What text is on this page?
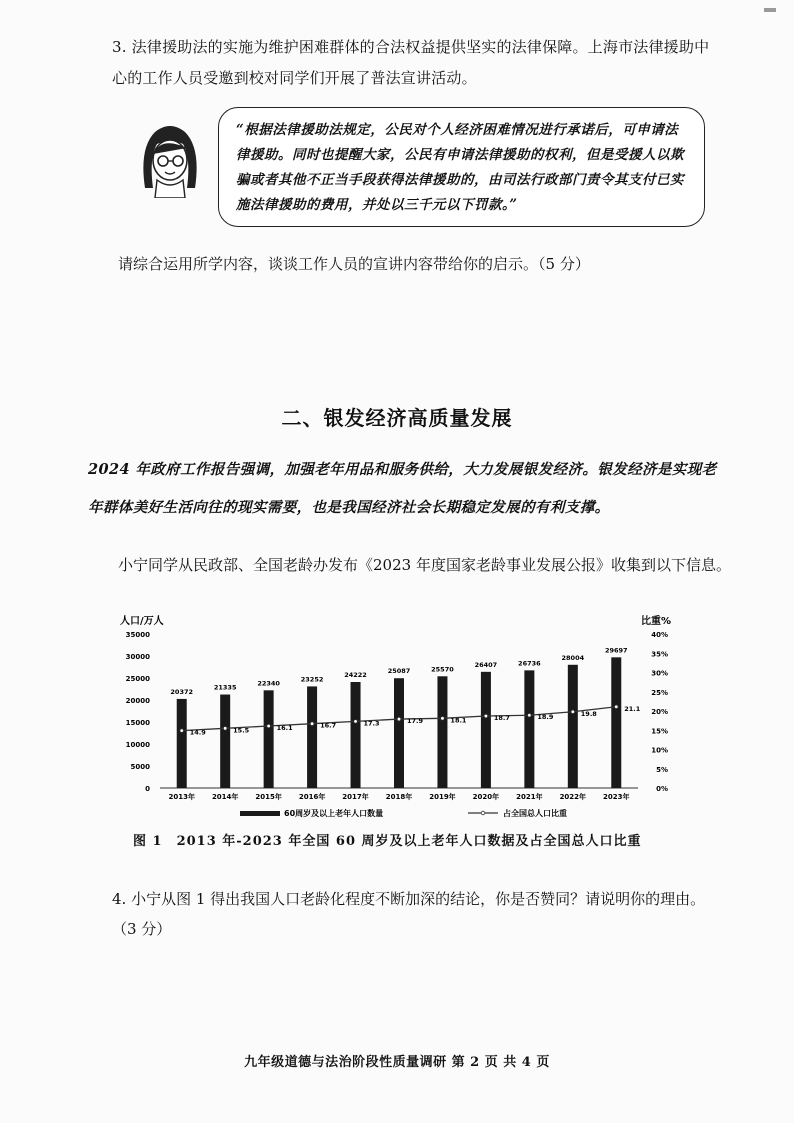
3. 法律援助法的实施为维护困难群体的合法权益提供坚实的法律保障。上海市法律援助中心的工作人员受邀到校对同学们开展了普法宣讲活动。
“根据法律援助法规定，公民对个人经济困难情况进行承诺后，可申请法律援助。同时也提醒大家，公民有申请法律援助的权利，但是受援人以欺骗或者其他不正当手段获得法律援助的，由司法行政部门责令其支付已实施法律援助的费用，并处以三千元以下罚款。”
请综合运用所学内容，谈谈工作人员的宣讲内容带给你的启示。（5 分）
二、银发经济高质量发展
2024 年政府工作报告强调，加强老年用品和服务供给，大力发展银发经济。银发经济是实现老年群体美好生活向往的现实需要，也是我国经济社会长期稳定发展的有利支撑。
小宁同学从民政部、全国老龄办发布《2023 年度国家老龄事业发展公报》收集到以下信息。
人口/万人	比重%
35000
30000
25000
20000
15000
10000
5000
0
40%
35%
30%
25%
20%
15%
10%
5%
0%
20372
2013年
21335
2014年
22340
2015年
23252
2016年
24222
2017年
25087
2018年
25570
2019年
26407
2020年
26736
2021年
28004
2022年
29697
2023年
14.9	15.5	16.1	16.7	17.3	17.9	18.1	18.7	18.9	19.8
21.1
60周岁及以上老年人口数量	占全国总人口比重
图 1　2013 年-2023 年全国 60 周岁及以上老年人口数据及占全国总人口比重
4. 小宁从图 1 得出我国人口老龄化程度不断加深的结论，你是否赞同？请说明你的理由。（3 分）
九年级道德与法治阶段性质量调研 第 2 页 共 4 页
